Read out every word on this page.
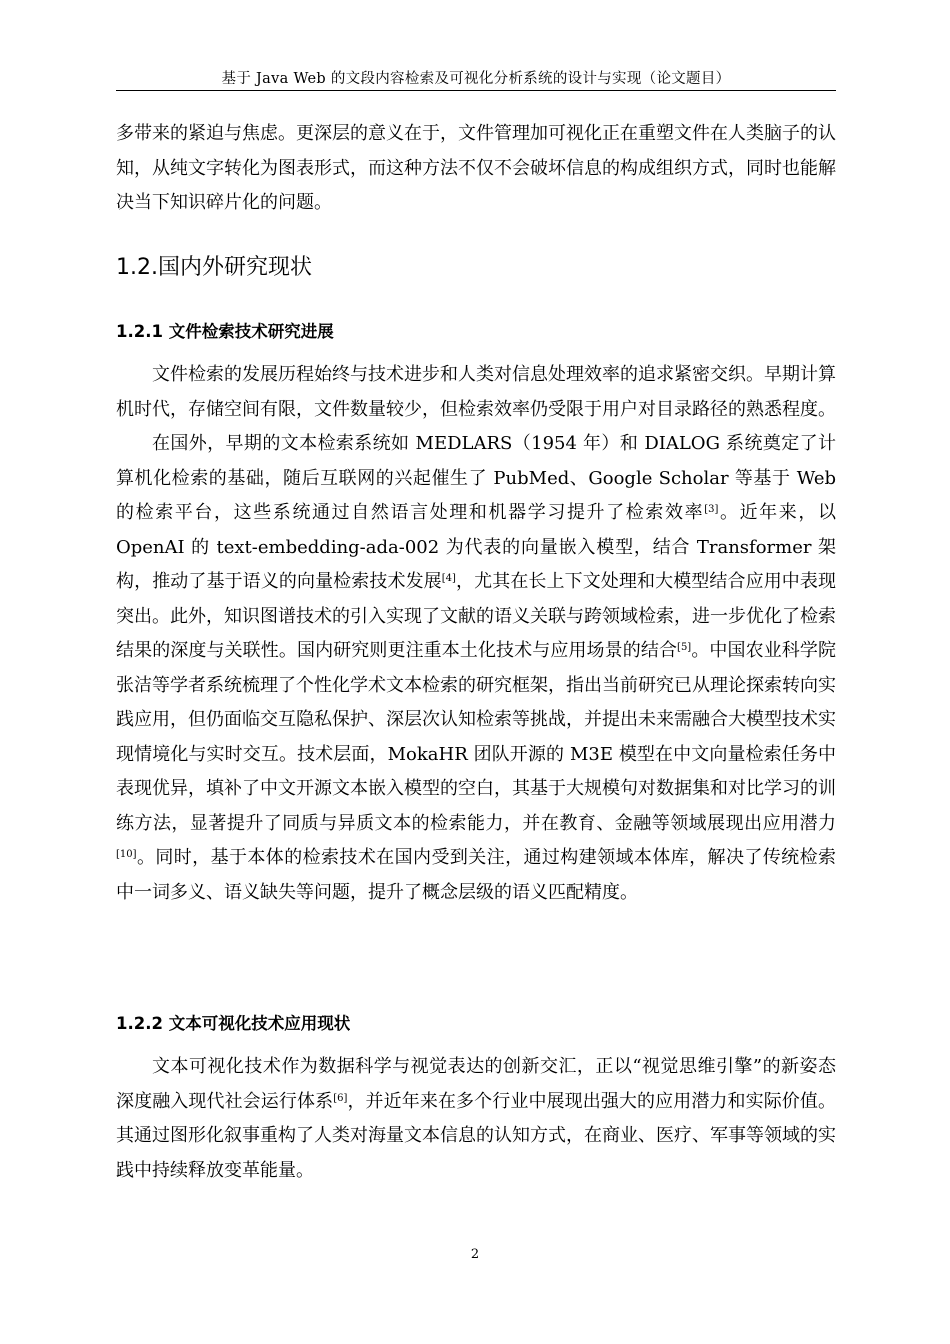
基于 Java Web 的文段内容检索及可视化分析系统的设计与实现（论文题目）

多带来的紧迫与焦虑。更深层的意义在于，文件管理加可视化正在重塑文件在人类脑子的认知，从纯文字转化为图表形式，而这种方法不仅不会破坏信息的构成组织方式，同时也能解决当下知识碎片化的问题。

1.2.国内外研究现状
1.2.1 文件检索技术研究进展

文件检索的发展历程始终与技术进步和人类对信息处理效率的追求紧密交织。早期计算机时代，存储空间有限，文件数量较少，但检索效率仍受限于用户对目录路径的熟悉程度。

在国外，早期的文本检索系统如 MEDLARS（1954 年）和 DIALOG 系统奠定了计算机化检索的基础，随后互联网的兴起催生了 PubMed、Google Scholar 等基于 Web 的检索平台，这些系统通过自然语言处理和机器学习提升了检索效率[3]。近年来，以 OpenAI 的 text-embedding-ada-002 为代表的向量嵌入模型，结合 Transformer 架构，推动了基于语义的向量检索技术发展[4]，尤其在长上下文处理和大模型结合应用中表现突出。此外，知识图谱技术的引入实现了文献的语义关联与跨领域检索，进一步优化了检索结果的深度与关联性。国内研究则更注重本土化技术与应用场景的结合[5]。中国农业科学院张洁等学者系统梳理了个性化学术文本检索的研究框架，指出当前研究已从理论探索转向实践应用，但仍面临交互隐私保护、深层次认知检索等挑战，并提出未来需融合大模型技术实现情境化与实时交互。技术层面，MokaHR 团队开源的 M3E 模型在中文向量检索任务中表现优异，填补了中文开源文本嵌入模型的空白，其基于大规模句对数据集和对比学习的训练方法，显著提升了同质与异质文本的检索能力，并在教育、金融等领域展现出应用潜力[10]。同时，基于本体的检索技术在国内受到关注，通过构建领域本体库，解决了传统检索中一词多义、语义缺失等问题，提升了概念层级的语义匹配精度。

1.2.2 文本可视化技术应用现状

文本可视化技术作为数据科学与视觉表达的创新交汇，正以“视觉思维引擎”的新姿态深度融入现代社会运行体系[6]，并近年来在多个行业中展现出强大的应用潜力和实际价值。其通过图形化叙事重构了人类对海量文本信息的认知方式，在商业、医疗、军事等领域的实践中持续释放变革能量。

2
